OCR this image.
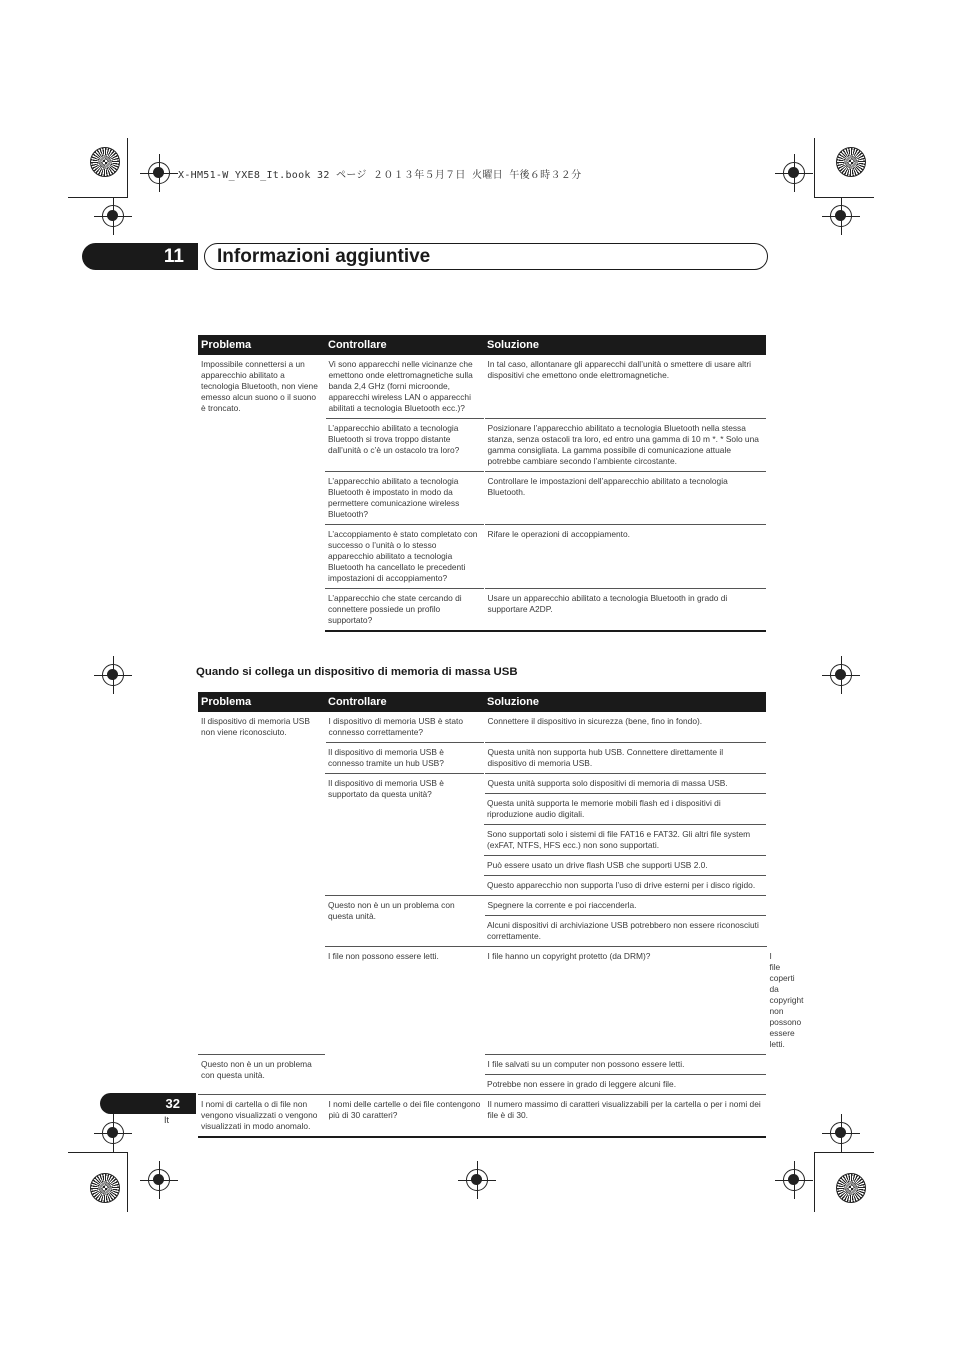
X-HM51-W_YXE8_It.book 32 ページ ２０１３年５月７日 火曜日 午後６時３２分
11	Informazioni aggiuntive
Problema	Controllare	Soluzione
Impossibile connettersi a un apparecchio abilitato a tecnologia Bluetooth, non viene emesso alcun suono o il suono è troncato.	Vi sono apparecchi nelle vicinanze che emettono onde elettromagnetiche sulla banda 2,4 GHz (forni microonde, apparecchi wireless LAN o apparecchi abilitati a tecnologia Bluetooth ecc.)?	In tal caso, allontanare gli apparecchi dall’unità o smettere di usare altri dispositivi che emettono onde elettromagnetiche.
	L’apparecchio abilitato a tecnologia Bluetooth si trova troppo distante dall’unità o c’è un ostacolo tra loro?	Posizionare l’apparecchio abilitato a tecnologia Bluetooth nella stessa stanza, senza ostacoli tra loro, ed entro una gamma di 10 m *. * Solo una gamma consigliata. La gamma possibile di comunicazione attuale potrebbe cambiare secondo l’ambiente circostante.
	L’apparecchio abilitato a tecnologia Bluetooth è impostato in modo da permettere comunicazione wireless Bluetooth?	Controllare le impostazioni dell’apparecchio abilitato a tecnologia Bluetooth.
	L’accoppiamento è stato completato con successo o l’unità o lo stesso apparecchio abilitato a tecnologia Bluetooth ha cancellato le precedenti impostazioni di accoppiamento?	Rifare le operazioni di accoppiamento.
	L’apparecchio che state cercando di connettere possiede un profilo supportato?	Usare un apparecchio abilitato a tecnologia Bluetooth in grado di supportare A2DP.
Quando si collega un dispositivo di memoria di massa USB
Problema	Controllare	Soluzione	
Il dispositivo di memoria USB non viene riconosciuto.	I dispositivo di memoria USB è stato connesso correttamente?	Connettere il dispositivo in sicurezza (bene, fino in fondo).	
	Il dispositivo di memoria USB è connesso tramite un hub USB?	Questa unità non supporta hub USB. Connettere direttamente il dispositivo di memoria USB.	
	Il dispositivo di memoria USB è supportato da questa unità?	Questa unità supporta solo dispositivi di memoria di massa USB.	
		Questa unità supporta le memorie mobili flash ed i dispositivi di riproduzione audio digitali.	
		Sono supportati solo i sistemi di file FAT16 e FAT32. Gli altri file system (exFAT, NTFS, HFS ecc.) non sono supportati.	
		Può essere usato un drive flash USB che supporti USB 2.0.	
		Questo apparecchio non supporta l’uso di drive esterni per i disco rigido.	
	Questo non è un un problema con questa unità.	Spegnere la corrente e poi riaccenderla.	
		Alcuni dispositivi di archiviazione USB potrebbero non essere riconosciuti correttamente.	
	I file non possono essere letti.	I file hanno un copyright protetto (da DRM)?	I file coperti da copyright non possono essere letti.
Questo non è un un problema con questa unità.		I file salvati su un computer non possono essere letti.	
		Potrebbe non essere in grado di leggere alcuni file.	
I nomi di cartella o di file non vengono visualizzati o vengono visualizzati in modo anomalo.	I nomi delle cartelle o dei file contengono più di 30 caratteri?	Il numero massimo di caratteri visualizzabili per la cartella o per i nomi dei file è di 30.	
32
It
